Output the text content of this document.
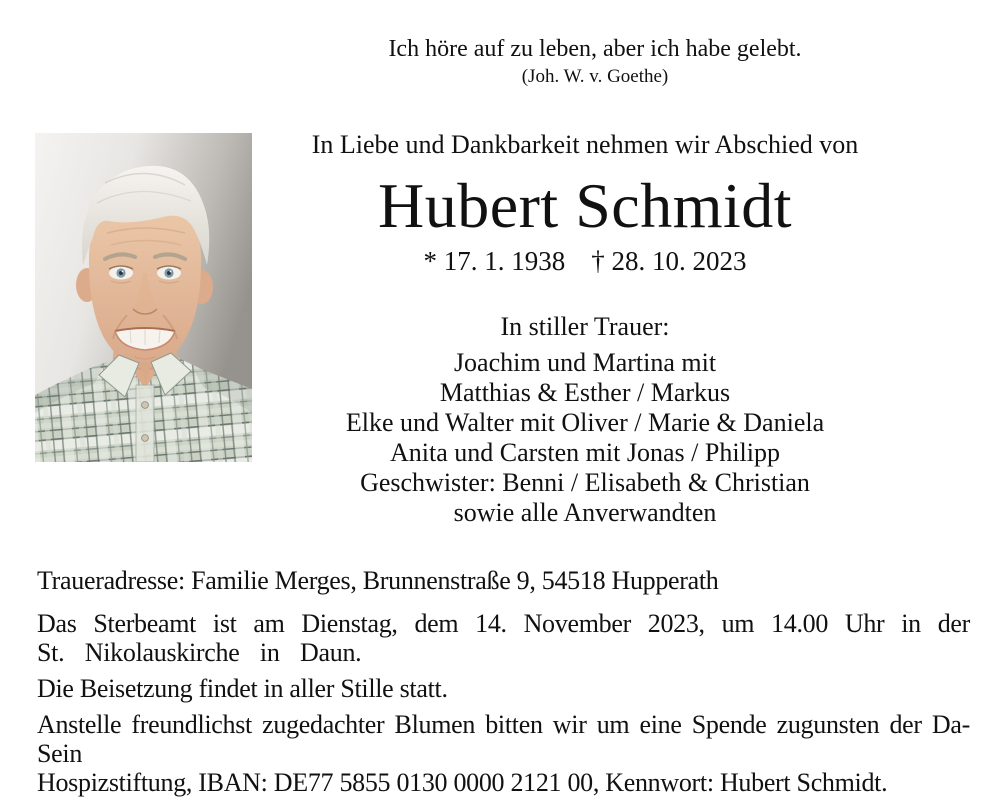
Ich höre auf zu leben, aber ich habe gelebt.
(Joh. W. v. Goethe)
In Liebe und Dankbarkeit nehmen wir Abschied von
Hubert Schmidt
* 17. 1. 1938 † 28. 10. 2023
In stiller Trauer:
Joachim und Martina mit
Matthias & Esther / Markus
Elke und Walter mit Oliver / Marie & Daniela
Anita und Carsten mit Jonas / Philipp
Geschwister: Benni / Elisabeth & Christian
sowie alle Anverwandten
Traueradresse: Familie Merges, Brunnenstraße 9, 54518 Hupperath
Das Sterbeamt ist am Dienstag, dem 14. November 2023, um 14.00 Uhr in der
St. Nikolauskirche in Daun.
Die Beisetzung findet in aller Stille statt.
Anstelle freundlichst zugedachter Blumen bitten wir um eine Spende zugunsten der Da-Sein
Hospizstiftung, IBAN: DE77 5855 0130 0000 2121 00, Kennwort: Hubert Schmidt.
